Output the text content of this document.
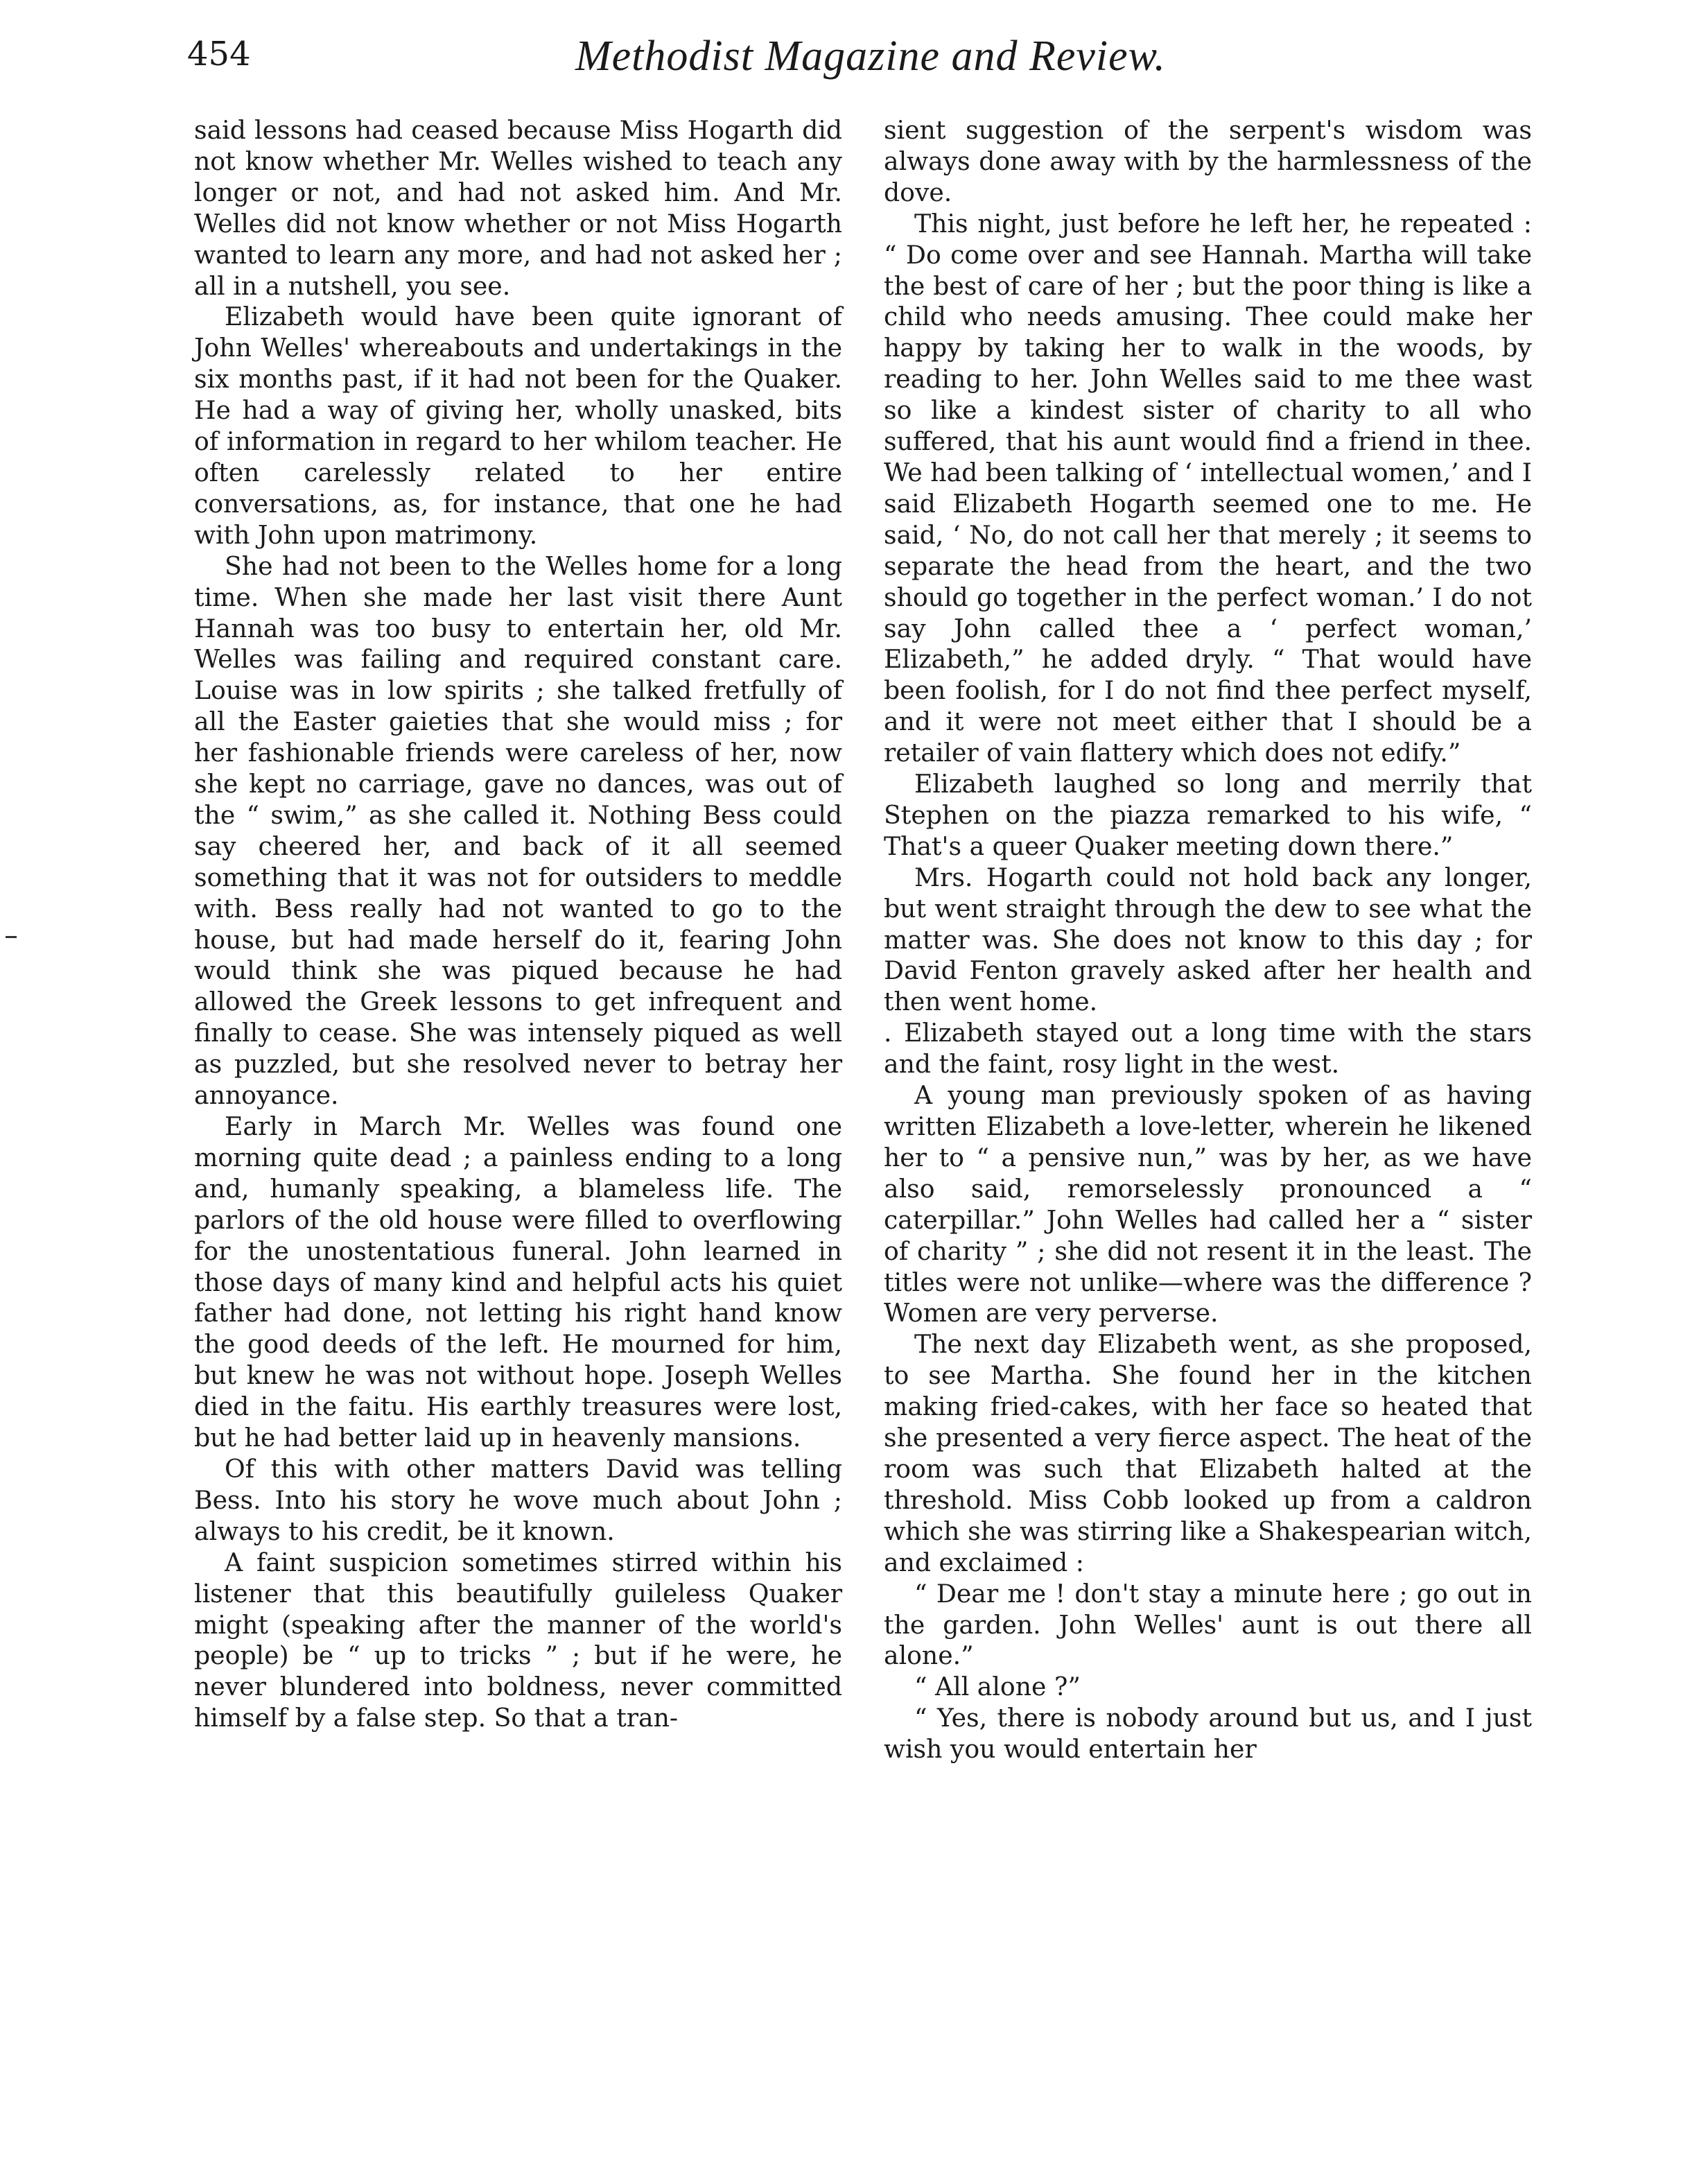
454	Methodist Magazine and Review.

said lessons had ceased because Miss Hogarth did not know whether Mr. Welles wished to teach any longer or not, and had not asked him. And Mr. Welles did not know whether or not Miss Hogarth wanted to learn any more, and had not asked her ; all in a nutshell, you see.

Elizabeth would have been quite ignorant of John Welles' whereabouts and undertakings in the six months past, if it had not been for the Quaker. He had a way of giving her, wholly unasked, bits of information in regard to her whilom teacher. He often carelessly related to her entire conversations, as, for instance, that one he had with John upon matrimony.

She had not been to the Welles home for a long time. When she made her last visit there Aunt Hannah was too busy to entertain her, old Mr. Welles was failing and required constant care. Louise was in low spirits ; she talked fretfully of all the Easter gaieties that she would miss ; for her fashionable friends were careless of her, now she kept no carriage, gave no dances, was out of the “ swim,” as she called it. Nothing Bess could say cheered her, and back of it all seemed something that it was not for outsiders to meddle with. Bess really had not wanted to go to the house, but had made herself do it, fearing John would think she was piqued because he had allowed the Greek lessons to get infrequent and finally to cease. She was intensely piqued as well as puzzled, but she resolved never to betray her annoyance.

Early in March Mr. Welles was found one morning quite dead ; a painless ending to a long and, humanly speaking, a blameless life. The parlors of the old house were filled to overflowing for the unostentatious funeral. John learned in those days of many kind and helpful acts his quiet father had done, not letting his right hand know the good deeds of the left. He mourned for him, but knew he was not without hope. Joseph Welles died in the faitu. His earthly treasures were lost, but he had better laid up in heavenly mansions.

Of this with other matters David was telling Bess. Into his story he wove much about John ; always to his credit, be it known.

A faint suspicion sometimes stirred within his listener that this beautifully guileless Quaker might (speaking after the manner of the world's people) be “ up to tricks ” ; but if he were, he never blundered into boldness, never committed himself by a false step. So that a tran-

sient suggestion of the serpent's wisdom was always done away with by the harmlessness of the dove.

This night, just before he left her, he repeated : “ Do come over and see Hannah. Martha will take the best of care of her ; but the poor thing is like a child who needs amusing. Thee could make her happy by taking her to walk in the woods, by reading to her. John Welles said to me thee wast so like a kindest sister of charity to all who suffered, that his aunt would find a friend in thee. We had been talking of ‘ intellectual women,’ and I said Elizabeth Hogarth seemed one to me. He said, ‘ No, do not call her that merely ; it seems to separate the head from the heart, and the two should go together in the perfect woman.’ I do not say John called thee a ‘ perfect woman,’ Elizabeth,” he added dryly. “ That would have been foolish, for I do not find thee perfect myself, and it were not meet either that I should be a retailer of vain flattery which does not edify.”

Elizabeth laughed so long and merrily that Stephen on the piazza remarked to his wife, “ That's a queer Quaker meeting down there.”

Mrs. Hogarth could not hold back any longer, but went straight through the dew to see what the matter was. She does not know to this day ; for David Fenton gravely asked after her health and then went home.

. Elizabeth stayed out a long time with the stars and the faint, rosy light in the west.

A young man previously spoken of as having written Elizabeth a love-letter, wherein he likened her to “ a pensive nun,” was by her, as we have also said, remorselessly pronounced a “ caterpillar.” John Welles had called her a “ sister of charity ” ; she did not resent it in the least. The titles were not unlike—where was the difference ? Women are very perverse.

The next day Elizabeth went, as she proposed, to see Martha. She found her in the kitchen making fried-cakes, with her face so heated that she presented a very fierce aspect. The heat of the room was such that Elizabeth halted at the threshold. Miss Cobb looked up from a caldron which she was stirring like a Shakespearian witch, and exclaimed :

“ Dear me ! don't stay a minute here ; go out in the garden. John Welles' aunt is out there all alone.”

“ All alone ?”

“ Yes, there is nobody around but us, and I just wish you would entertain her
